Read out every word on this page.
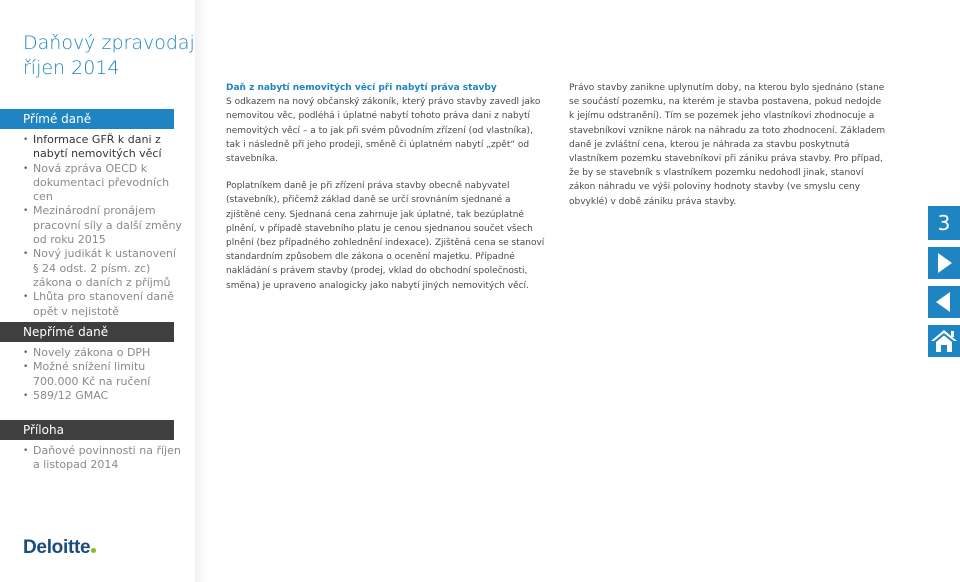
Daňový zpravodaj
říjen 2014
Přímé daně
• Informace GFŘ k dani z nabytí nemovitých věcí
• Nová zpráva OECD k dokumentaci převodních cen
• Mezinárodní pronájem pracovní síly a další změny od roku 2015
• Nový judikát k ustanovení § 24 odst. 2 písm. zc) zákona o daních z příjmů
• Lhůta pro stanovení daně opět v nejistotě
Nepřímé daně
• Novely zákona o DPH
• Možné snížení limitu 700.000 Kč na ručení
• 589/12 GMAC
Příloha
• Daňové povinnosti na říjen a listopad 2014
Deloitte

Daň z nabytí nemovitých věcí při nabytí práva stavby
S odkazem na nový občanský zákoník, který právo stavby zavedl jako nemovitou věc, podléhá i úplatné nabytí tohoto práva dani z nabytí nemovitých věcí – a to jak při svém původním zřízení (od vlastníka), tak i následně při jeho prodeji, směně či úplatném nabytí „zpět“ od stavebníka.

Poplatníkem daně je při zřízení práva stavby obecně nabyvatel (stavebník), přičemž základ daně se určí srovnáním sjednané a zjištěné ceny. Sjednaná cena zahrnuje jak úplatné, tak bezúplatné plnění, v případě stavebního platu je cenou sjednanou součet všech plnění (bez případného zohlednění indexace). Zjištěná cena se stanoví standardním způsobem dle zákona o ocenění majetku. Případné nakládání s právem stavby (prodej, vklad do obchodní společnosti, směna) je upraveno analogicky jako nabytí jiných nemovitých věcí.

Právo stavby zanikne uplynutím doby, na kterou bylo sjednáno (stane se součástí pozemku, na kterém je stavba postavena, pokud nedojde k jejímu odstranění). Tím se pozemek jeho vlastníkovi zhodnocuje a stavebníkovi vznikne nárok na náhradu za toto zhodnocení. Základem daně je zvláštní cena, kterou je náhrada za stavbu poskytnutá vlastníkem pozemku stavebníkovi při zániku práva stavby. Pro případ, že by se stavebník s vlastníkem pozemku nedohodl jinak, stanoví zákon náhradu ve výši poloviny hodnoty stavby (ve smyslu ceny obvyklé) v době zániku práva stavby.

3
